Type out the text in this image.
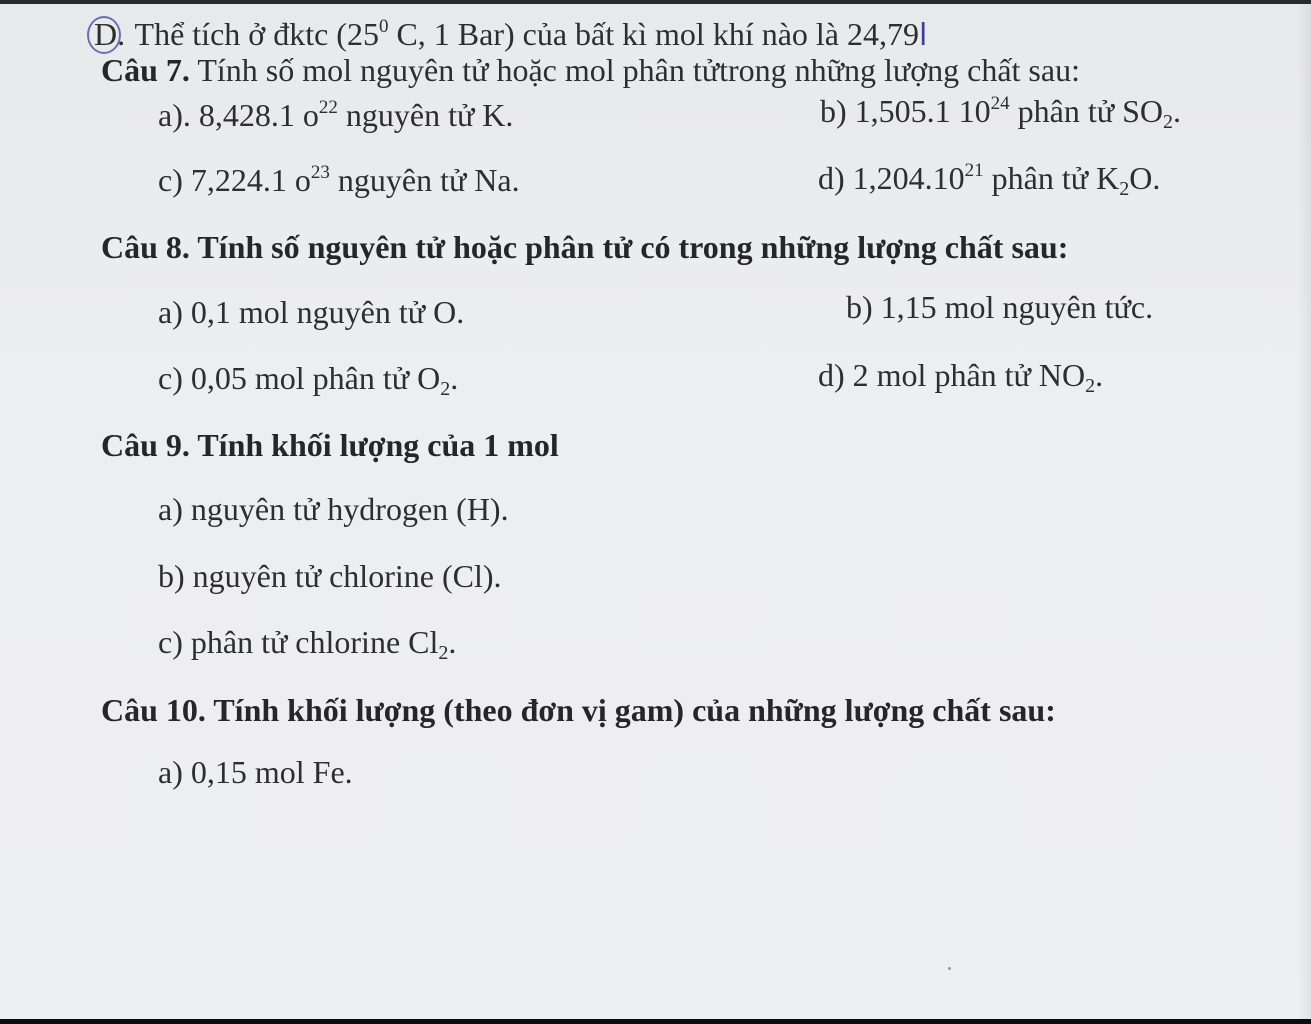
D. Thể tích ở đktc ($25^0$ C, 1 Bar) của bất kì mol khí nào là 24,79l
Câu 7. Tính số mol nguyên tử hoặc mol phân tửtrong những lượng chất sau:
a). 8,428.1 $o^{22}$ nguyên tử K.	b) 1,505.1 $10^{24}$ phân tử $SO_2$.
c) 7,224.1 $o^{23}$ nguyên tử Na.	d) 1,204.10$^{21}$ phân tử $K_2O$.
Câu 8. Tính số nguyên tử hoặc phân tử có trong những lượng chất sau:
a) 0,1 mol nguyên tử O.	b) 1,15 mol nguyên tức.
c) 0,05 mol phân tử $O_2$.	d) 2 mol phân tử $NO_2$.
Câu 9. Tính khối lượng của 1 mol
a) nguyên tử hydrogen (H).
b) nguyên tử chlorine (Cl).
c) phân tử chlorine $Cl_2$.
Câu 10. Tính khối lượng (theo đơn vị gam) của những lượng chất sau:
a) 0,15 mol Fe.
